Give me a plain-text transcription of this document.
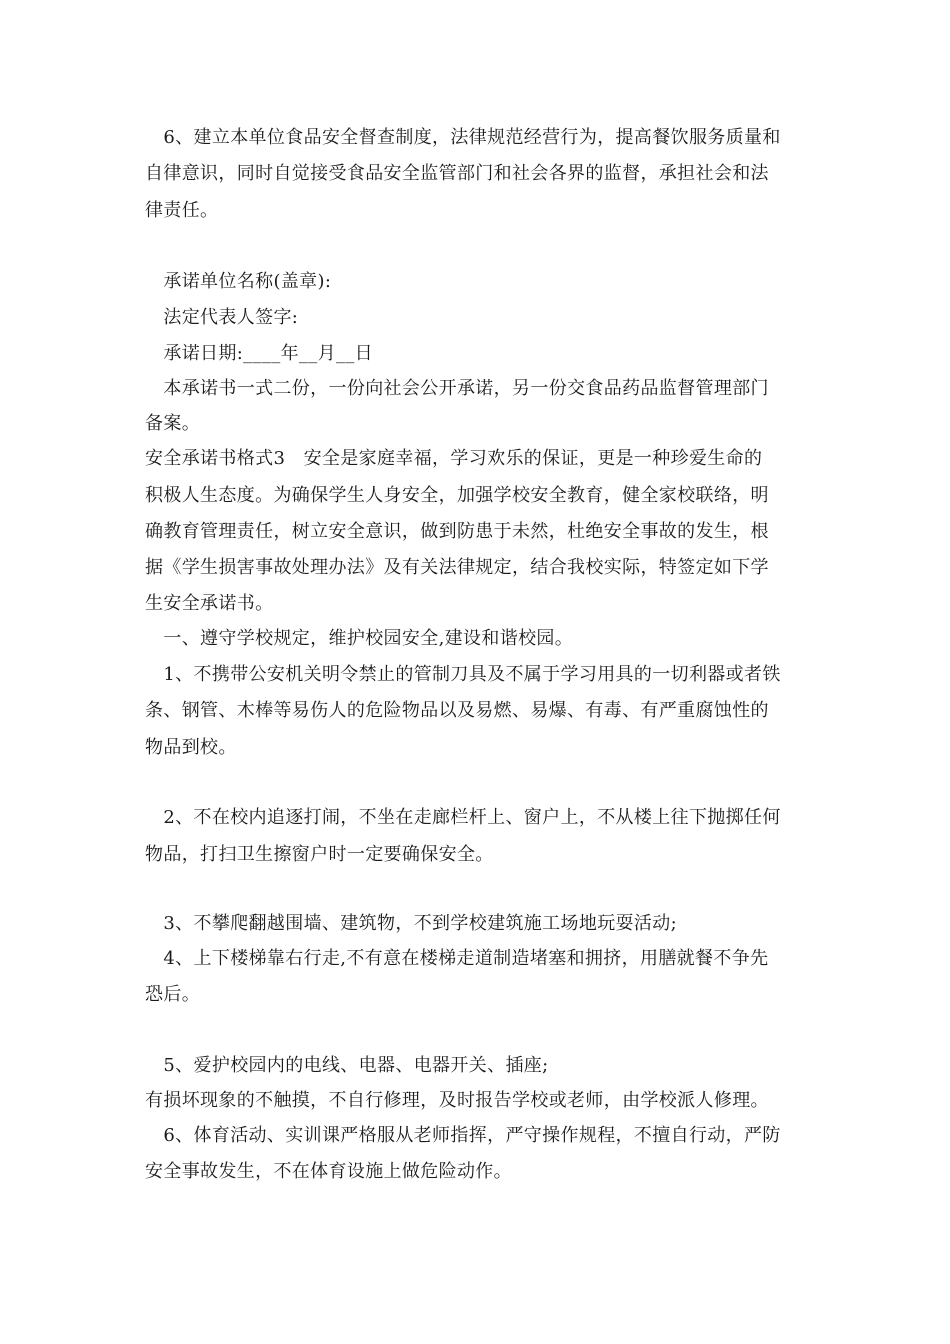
　6、建立本单位食品安全督查制度，法律规范经营行为，提高餐饮服务质量和
自律意识，同时自觉接受食品安全监管部门和社会各界的监督，承担社会和法
律责任。
　承诺单位名称(盖章):
　法定代表人签字:
　承诺日期:____年__月__日
　本承诺书一式二份，一份向社会公开承诺，另一份交食品药品监督管理部门
备案。
安全承诺书格式3　安全是家庭幸福，学习欢乐的保证，更是一种珍爱生命的
积极人生态度。为确保学生人身安全，加强学校安全教育，健全家校联络，明
确教育管理责任，树立安全意识，做到防患于未然，杜绝安全事故的发生，根
据《学生损害事故处理办法》及有关法律规定，结合我校实际，特签定如下学
生安全承诺书。
　一、遵守学校规定，维护校园安全,建设和谐校园。
　1、不携带公安机关明令禁止的管制刀具及不属于学习用具的一切利器或者铁
条、钢管、木棒等易伤人的危险物品以及易燃、易爆、有毒、有严重腐蚀性的
物品到校。
　2、不在校内追逐打闹，不坐在走廊栏杆上、窗户上，不从楼上往下抛掷任何
物品，打扫卫生擦窗户时一定要确保安全。
　3、不攀爬翻越围墙、建筑物，不到学校建筑施工场地玩耍活动;
　4、上下楼梯靠右行走,不有意在楼梯走道制造堵塞和拥挤，用膳就餐不争先
恐后。
　5、爱护校园内的电线、电器、电器开关、插座;
有损坏现象的不触摸，不自行修理，及时报告学校或老师，由学校派人修理。
　6、体育活动、实训课严格服从老师指挥，严守操作规程，不擅自行动，严防
安全事故发生，不在体育设施上做危险动作。
